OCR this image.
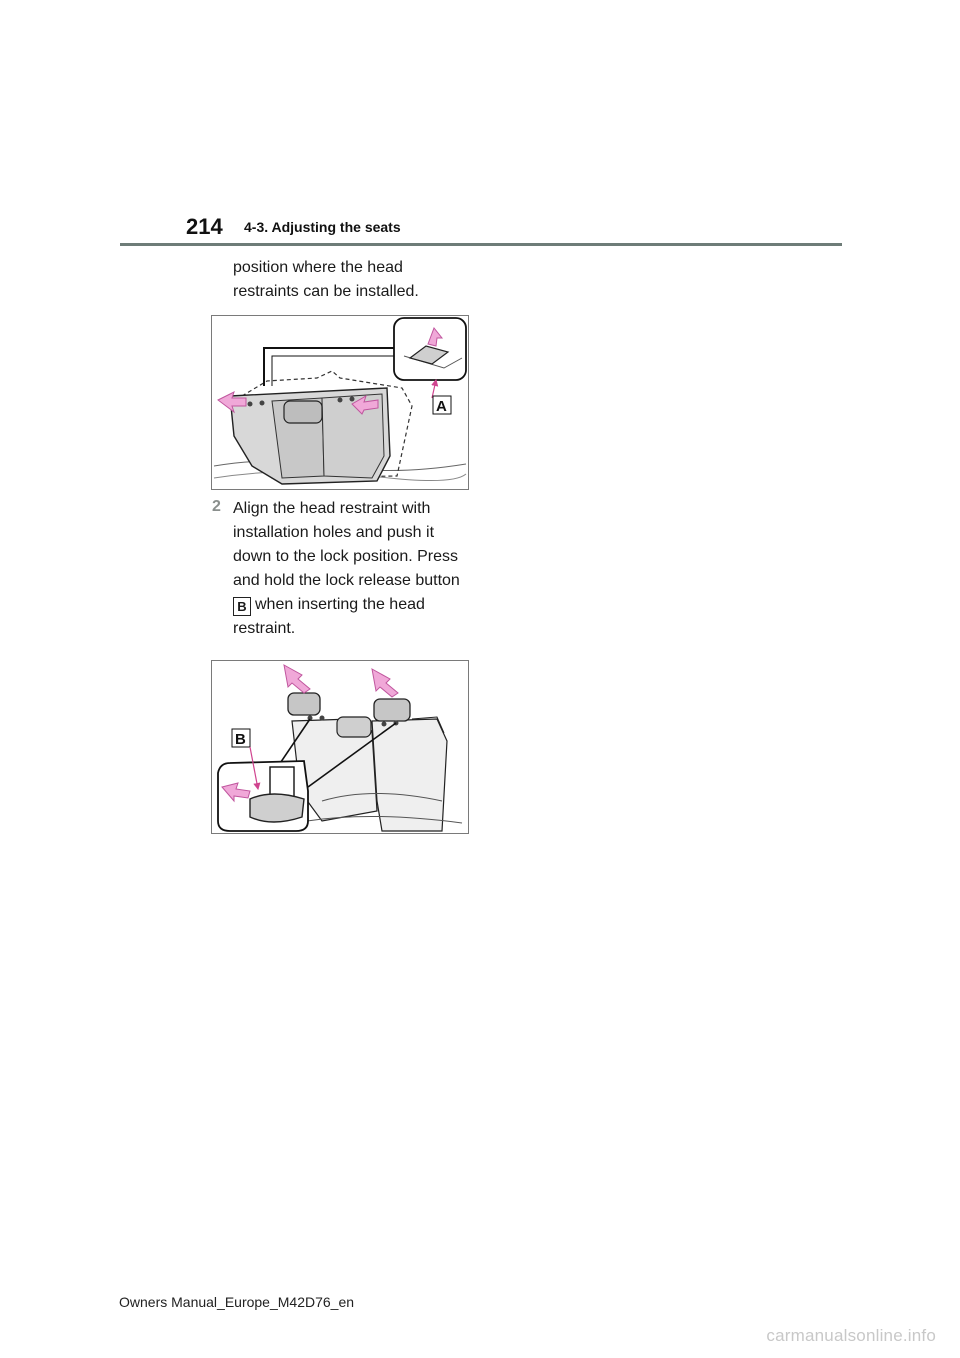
214 4-3. Adjusting the seats
position where the head
restraints can be installed.
A
2 Align the head restraint with
installation holes and push it
down to the lock position. Press
and hold the lock release button
B when inserting the head
restraint.
B
Owners Manual_Europe_M42D76_en
carmanualsonline.info
